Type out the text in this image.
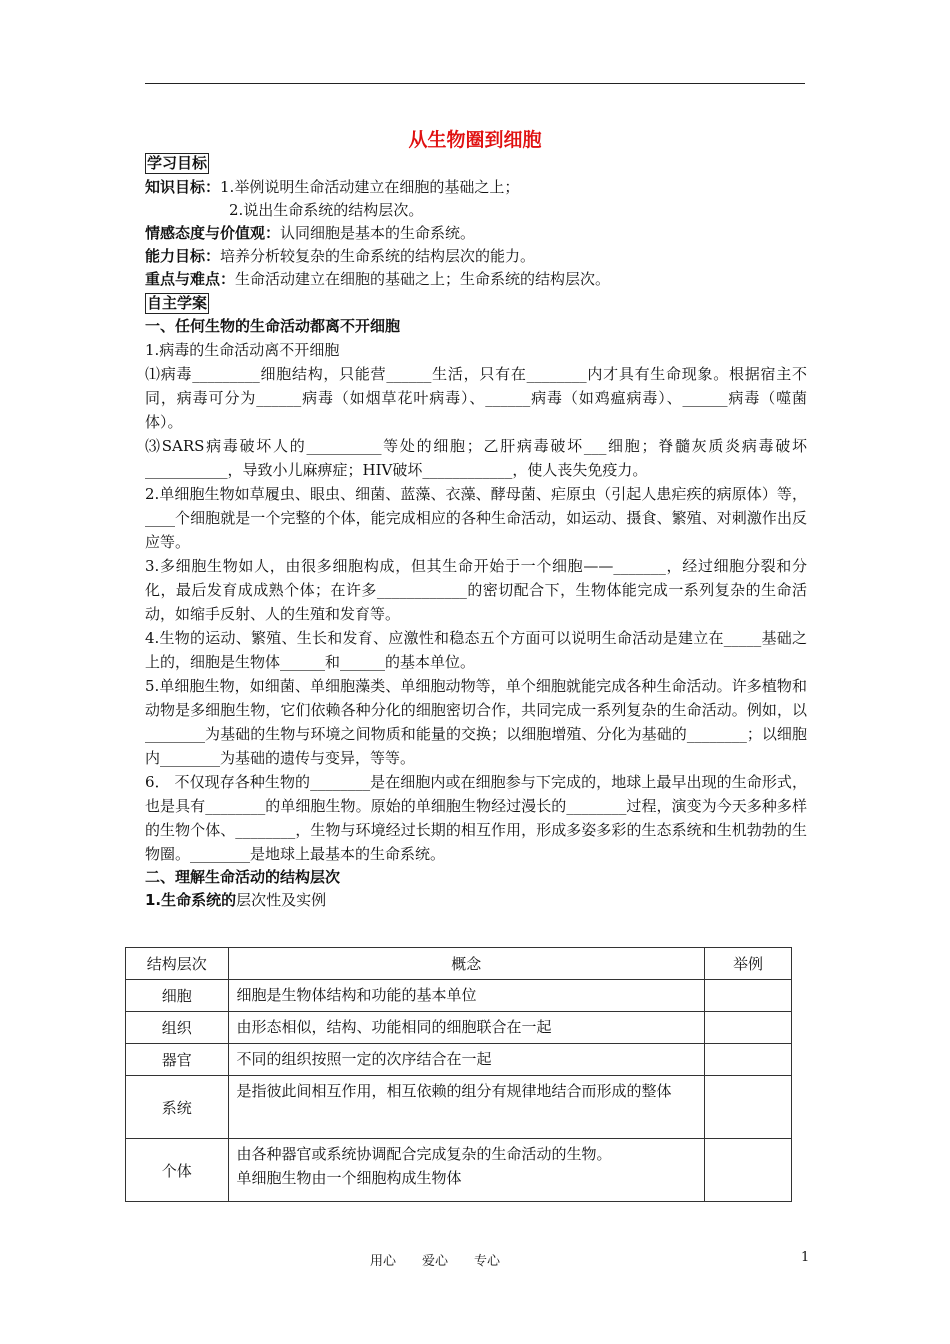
从生物圈到细胞

学习目标

知识目标：1.举例说明生命活动建立在细胞的基础之上；

2.说出生命系统的结构层次。

情感态度与价值观：认同细胞是基本的生命系统。

能力目标：培养分析较复杂的生命系统的结构层次的能力。

重点与难点：生命活动建立在细胞的基础之上；生命系统的结构层次。

自主学案

一、任何生物的生命活动都离不开细胞

1.病毒的生命活动离不开细胞

⑴病毒_________细胞结构，只能营______生活，只有在________内才具有生命现象。根据宿主不同，病毒可分为______病毒（如烟草花叶病毒）、______病毒（如鸡瘟病毒）、______病毒（噬菌体）。

⑶SARS病毒破坏人的__________等处的细胞；乙肝病毒破坏___细胞；脊髓灰质炎病毒破坏___________，导致小儿麻痹症；HIV破坏____________，使人丧失免疫力。

2.单细胞生物如草履虫、眼虫、细菌、蓝藻、衣藻、酵母菌、疟原虫（引起人患疟疾的病原体）等，____个细胞就是一个完整的个体，能完成相应的各种生命活动，如运动、摄食、繁殖、对刺激作出反应等。

3.多细胞生物如人，由很多细胞构成，但其生命开始于一个细胞——_______，经过细胞分裂和分化，最后发育成成熟个体；在许多____________的密切配合下，生物体能完成一系列复杂的生命活动，如缩手反射、人的生殖和发育等。

4.生物的运动、繁殖、生长和发育、应激性和稳态五个方面可以说明生命活动是建立在_____基础之上的，细胞是生物体______和______的基本单位。

5.单细胞生物，如细菌、单细胞藻类、单细胞动物等，单个细胞就能完成各种生命活动。许多植物和动物是多细胞生物，它们依赖各种分化的细胞密切合作，共同完成一系列复杂的生命活动。例如，以________为基础的生物与环境之间物质和能量的交换；以细胞增殖、分化为基础的________；以细胞内________为基础的遗传与变异，等等。

6． 不仅现存各种生物的________是在细胞内或在细胞参与下完成的，地球上最早出现的生命形式，也是具有________的单细胞生物。原始的单细胞生物经过漫长的________过程，演变为今天多种多样的生物个体、________，生物与环境经过长期的相互作用，形成多姿多彩的生态系统和生机勃勃的生物圈。________是地球上最基本的生命系统。

二、理解生命活动的结构层次

1.生命系统的层次性及实例

结构层次	概念	举例
细胞	细胞是生物体结构和功能的基本单位	
组织	由形态相似，结构、功能相同的细胞联合在一起	
器官	不同的组织按照一定的次序结合在一起	
系统	是指彼此间相互作用，相互依赖的组分有规律地结合而形成的整体	
个体	由各种器官或系统协调配合完成复杂的生命活动的生物。
单细胞生物由一个细胞构成生物体	

用心　　爱心　　专心	1
